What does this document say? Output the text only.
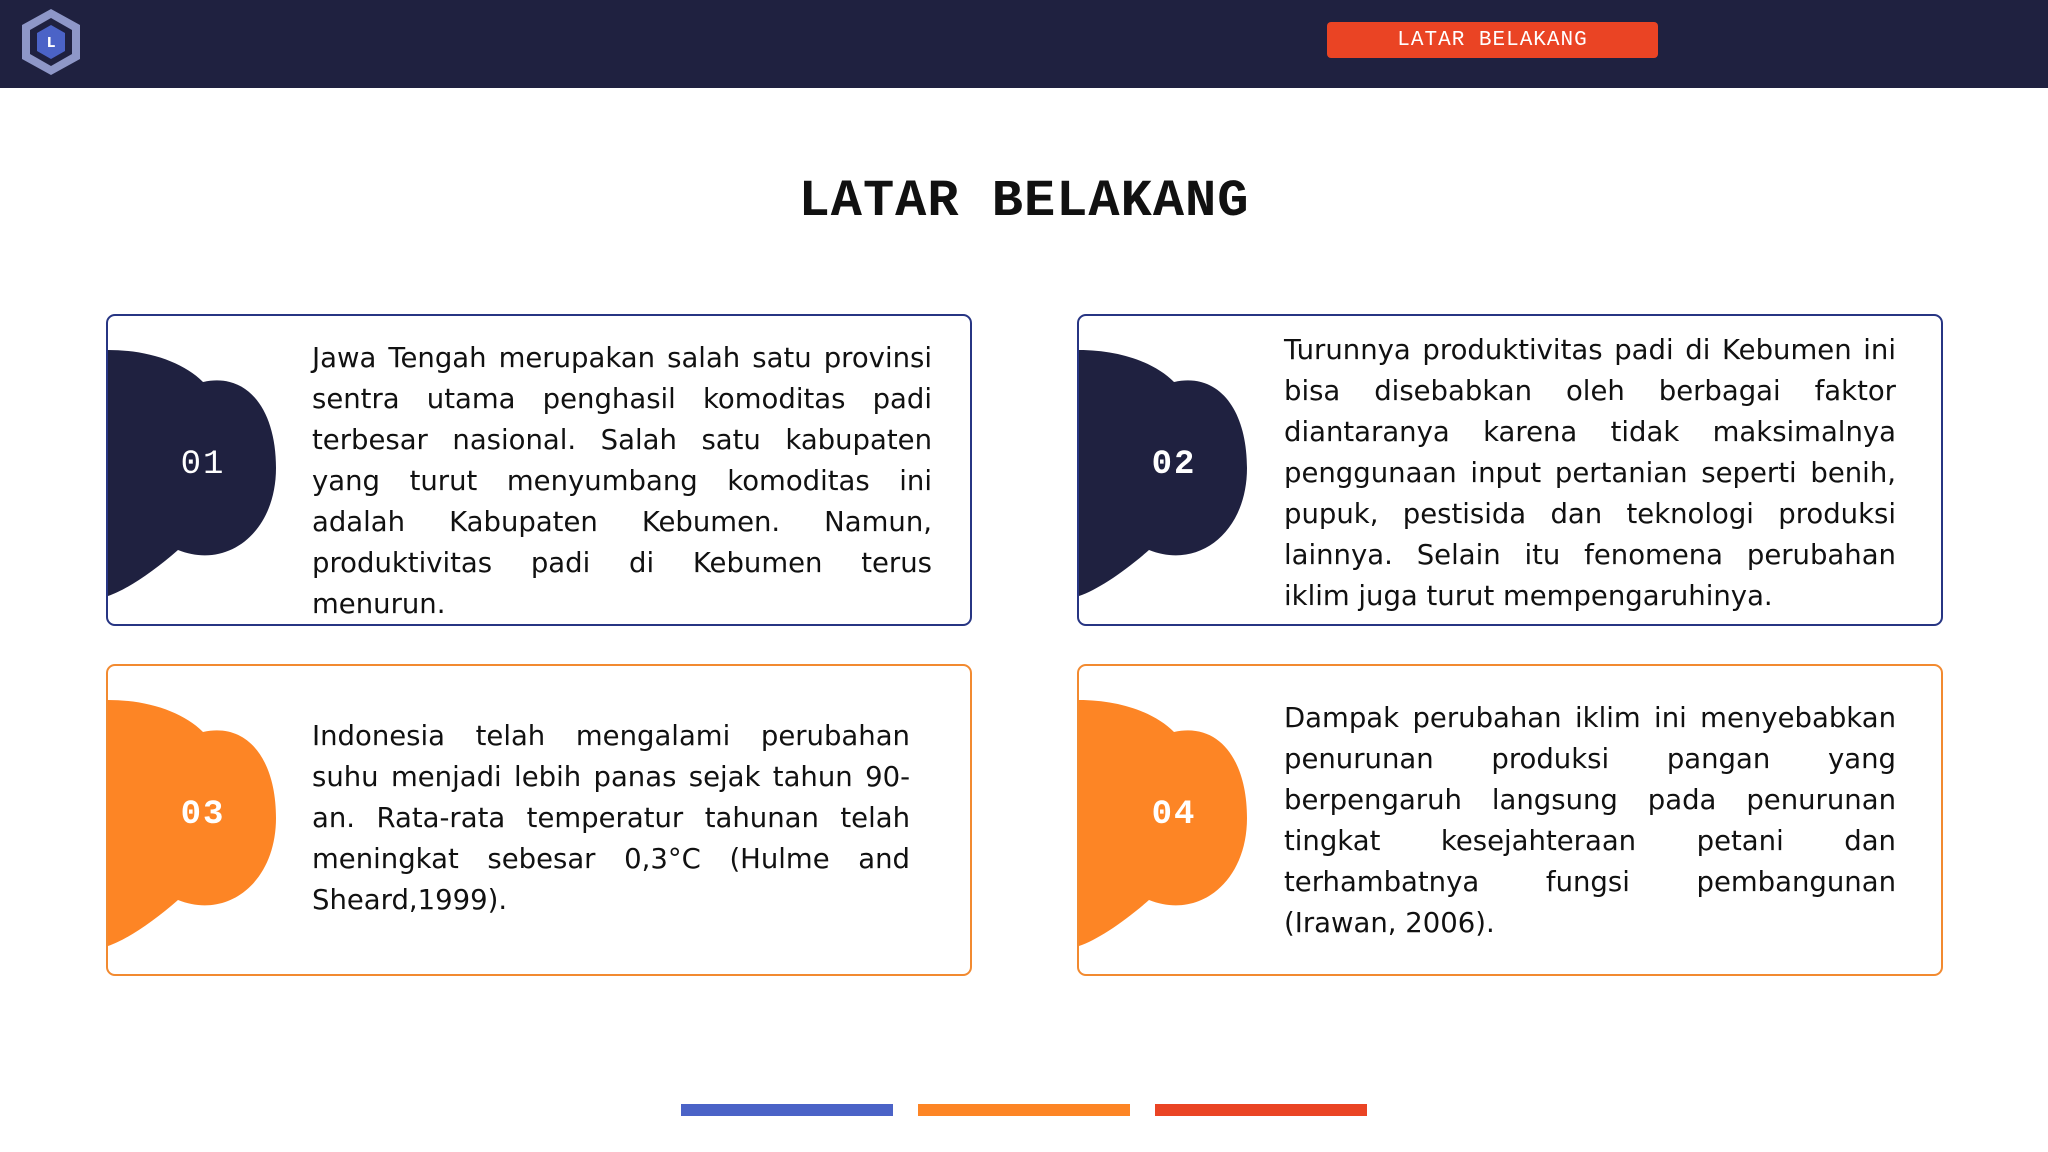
L	LATAR BELAKANG
LATAR BELAKANG
01

Jawa Tengah merupakan salah satu provinsi sentra utama penghasil komoditas padi terbesar nasional. Salah satu kabupaten yang turut menyumbang komoditas ini adalah Kabupaten Kebumen. Namun, produktivitas padi di Kebumen terus menurun.

02

Turunnya produktivitas padi di Kebumen ini bisa disebabkan oleh berbagai faktor diantaranya karena tidak maksimalnya penggunaan input pertanian seperti benih, pupuk, pestisida dan teknologi produksi lainnya. Selain itu fenomena perubahan iklim juga turut mempengaruhinya.

03

Indonesia telah mengalami perubahan suhu menjadi lebih panas sejak tahun 90-an. Rata-rata temperatur tahunan telah meningkat sebesar 0,3°C (Hulme and Sheard,1999).

04

Dampak perubahan iklim ini menyebabkan penurunan produksi pangan yang berpengaruh langsung pada penurunan tingkat kesejahteraan petani dan terhambatnya fungsi pembangunan (Irawan, 2006).
